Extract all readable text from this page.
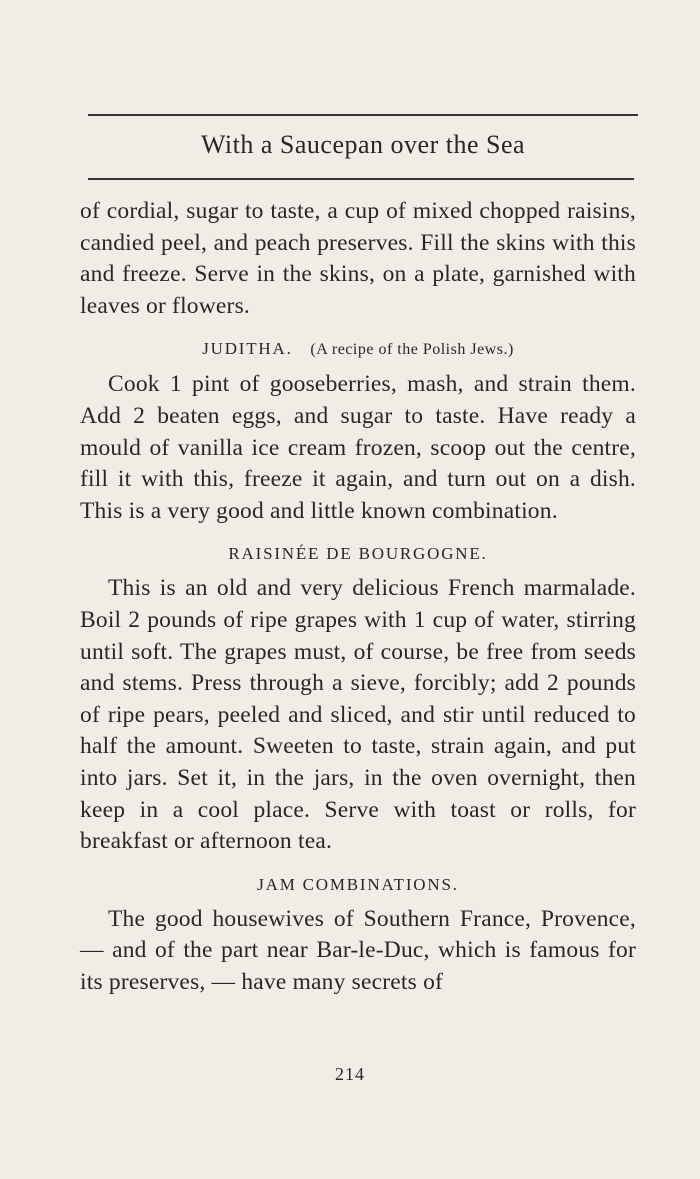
With a Saucepan over the Sea

of cordial, sugar to taste, a cup of mixed chopped raisins, candied peel, and peach preserves. Fill the skins with this and freeze. Serve in the skins, on a plate, garnished with leaves or flowers.

JUDITHA. (A recipe of the Polish Jews.)

Cook 1 pint of gooseberries, mash, and strain them. Add 2 beaten eggs, and sugar to taste. Have ready a mould of vanilla ice cream frozen, scoop out the centre, fill it with this, freeze it again, and turn out on a dish. This is a very good and little known combination.

RAISINÉE DE BOURGOGNE.

This is an old and very delicious French marmalade. Boil 2 pounds of ripe grapes with 1 cup of water, stirring until soft. The grapes must, of course, be free from seeds and stems. Press through a sieve, forcibly; add 2 pounds of ripe pears, peeled and sliced, and stir until reduced to half the amount. Sweeten to taste, strain again, and put into jars. Set it, in the jars, in the oven overnight, then keep in a cool place. Serve with toast or rolls, for breakfast or afternoon tea.

JAM COMBINATIONS.

The good housewives of Southern France, Provence, — and of the part near Bar-le-Duc, which is famous for its preserves, — have many secrets of

214
